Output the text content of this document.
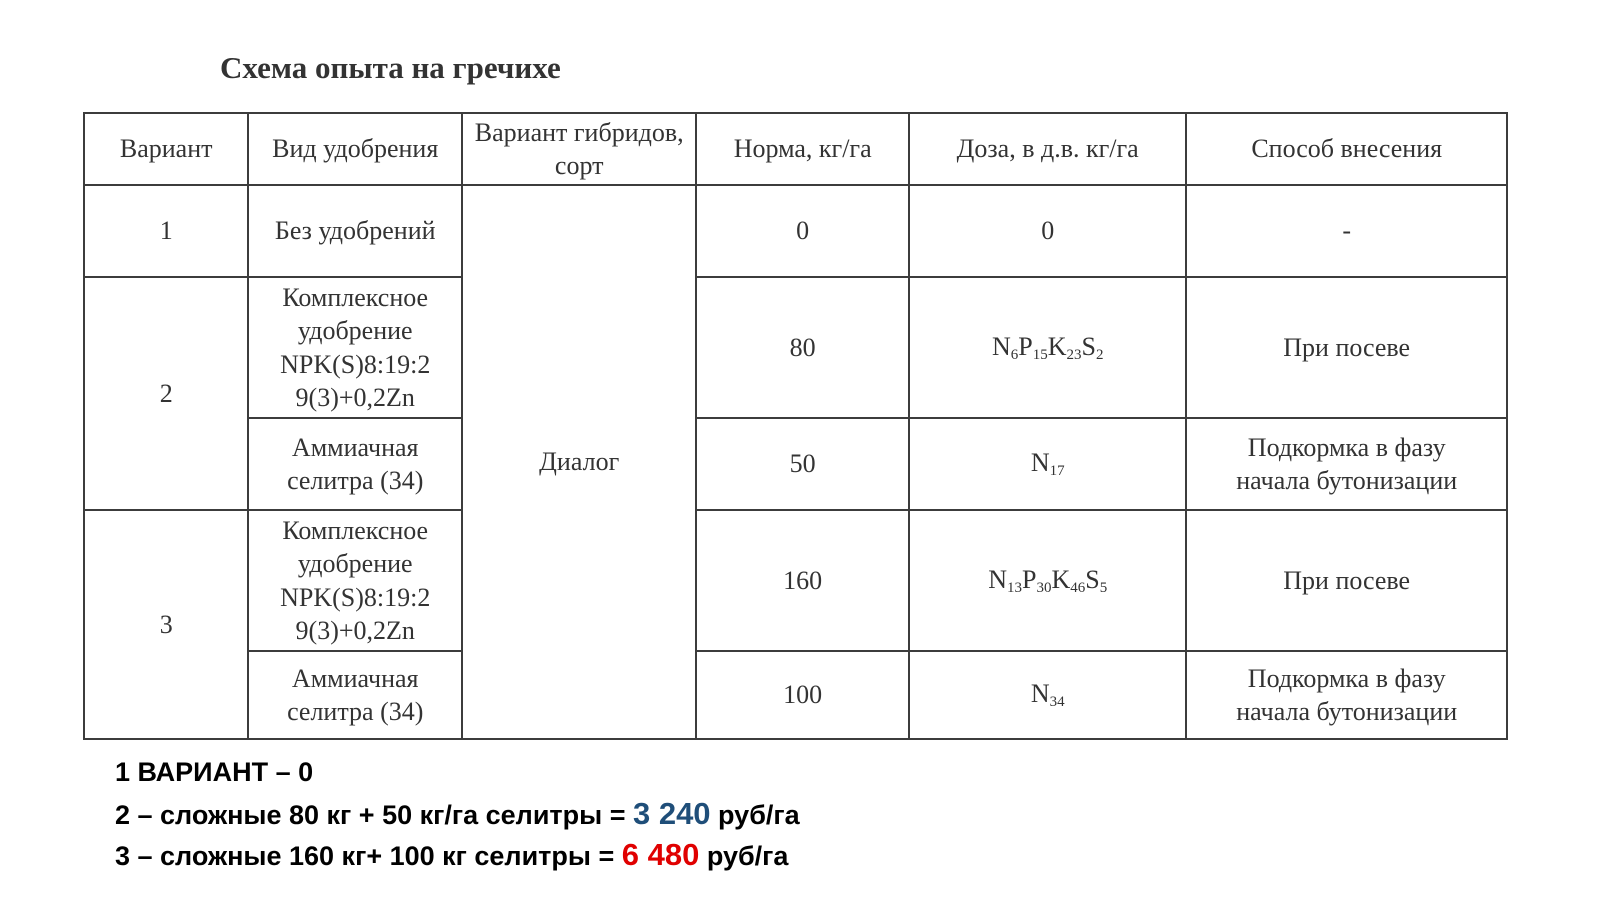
Схема опыта на гречихе
Вариант	Вид удобрения	Вариант гибридов, сорт	Норма, кг/га	Доза, в д.в. кг/га	Способ внесения
1	Без удобрений	Диалог	0	0	-
2	Комплексное
удобрение
NPK(S)8:19:2
9(3)+0,2Zn		80	$N_6P_{15}K_{23}S_2$	При посеве
	Аммиачная
селитра (34)		50	$N_{17}$	Подкормка в фазу
начала бутонизации
3	Комплексное
удобрение
NPK(S)8:19:2
9(3)+0,2Zn		160	$N_{13}P_{30}K_{46}S_5$	При посеве
	Аммиачная
селитра (34)		100	$N_{34}$	Подкормка в фазу
начала бутонизации
1 ВАРИАНТ – 0
2 – сложные 80 кг + 50 кг/га селитры = 3 240 руб/га
3 – сложные 160 кг+ 100 кг селитры = 6 480 руб/га
